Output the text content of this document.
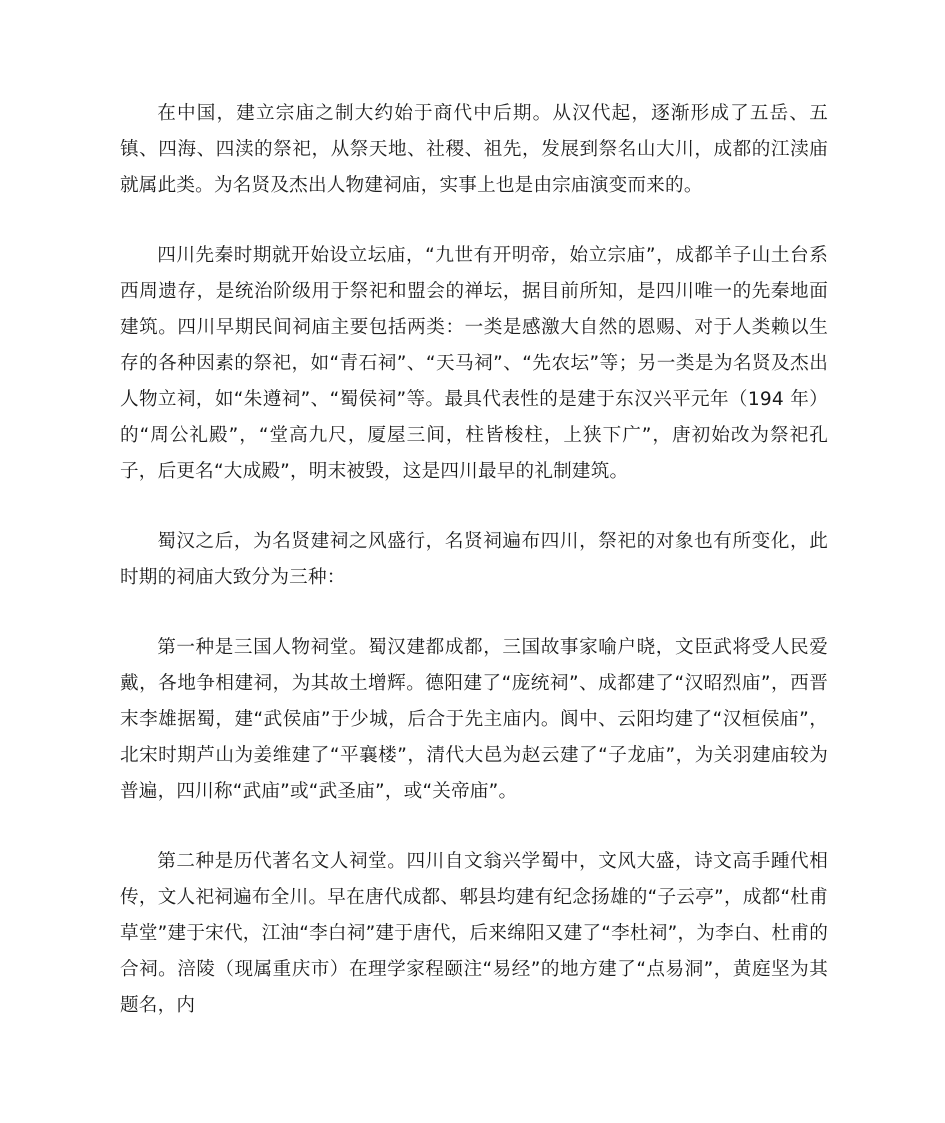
在中国，建立宗庙之制大约始于商代中后期。从汉代起，逐渐形成了五岳、五镇、四海、四渎的祭祀，从祭天地、社稷、祖先，发展到祭名山大川，成都的江渎庙就属此类。为名贤及杰出人物建祠庙，实事上也是由宗庙演变而来的。

四川先秦时期就开始设立坛庙，“九世有开明帝，始立宗庙”，成都羊子山土台系西周遗存，是统治阶级用于祭祀和盟会的禅坛，据目前所知，是四川唯一的先秦地面建筑。四川早期民间祠庙主要包括两类：一类是感激大自然的恩赐、对于人类赖以生存的各种因素的祭祀，如“青石祠”、“天马祠”、“先农坛”等；另一类是为名贤及杰出人物立祠，如“朱遵祠”、“蜀侯祠”等。最具代表性的是建于东汉兴平元年（194 年）的“周公礼殿”，“堂高九尺，厦屋三间，柱皆梭柱，上狭下广”，唐初始改为祭祀孔子，后更名“大成殿”，明末被毁，这是四川最早的礼制建筑。

蜀汉之后，为名贤建祠之风盛行，名贤祠遍布四川，祭祀的对象也有所变化，此时期的祠庙大致分为三种：

第一种是三国人物祠堂。蜀汉建都成都，三国故事家喻户晓，文臣武将受人民爱戴，各地争相建祠，为其故土增辉。德阳建了“庞统祠”、成都建了“汉昭烈庙”，西晋末李雄据蜀，建“武侯庙”于少城，后合于先主庙内。阆中、云阳均建了“汉桓侯庙”，北宋时期芦山为姜维建了“平襄楼”，清代大邑为赵云建了“子龙庙”，为关羽建庙较为普遍，四川称“武庙”或“武圣庙”，或“关帝庙”。

第二种是历代著名文人祠堂。四川自文翁兴学蜀中，文风大盛，诗文高手踵代相传，文人祀祠遍布全川。早在唐代成都、郫县均建有纪念扬雄的“子云亭”，成都“杜甫草堂”建于宋代，江油“李白祠”建于唐代，后来绵阳又建了“李杜祠”，为李白、杜甫的合祠。涪陵（现属重庆市）在理学家程颐注“易经”的地方建了“点易洞”，黄庭坚为其题名，内
